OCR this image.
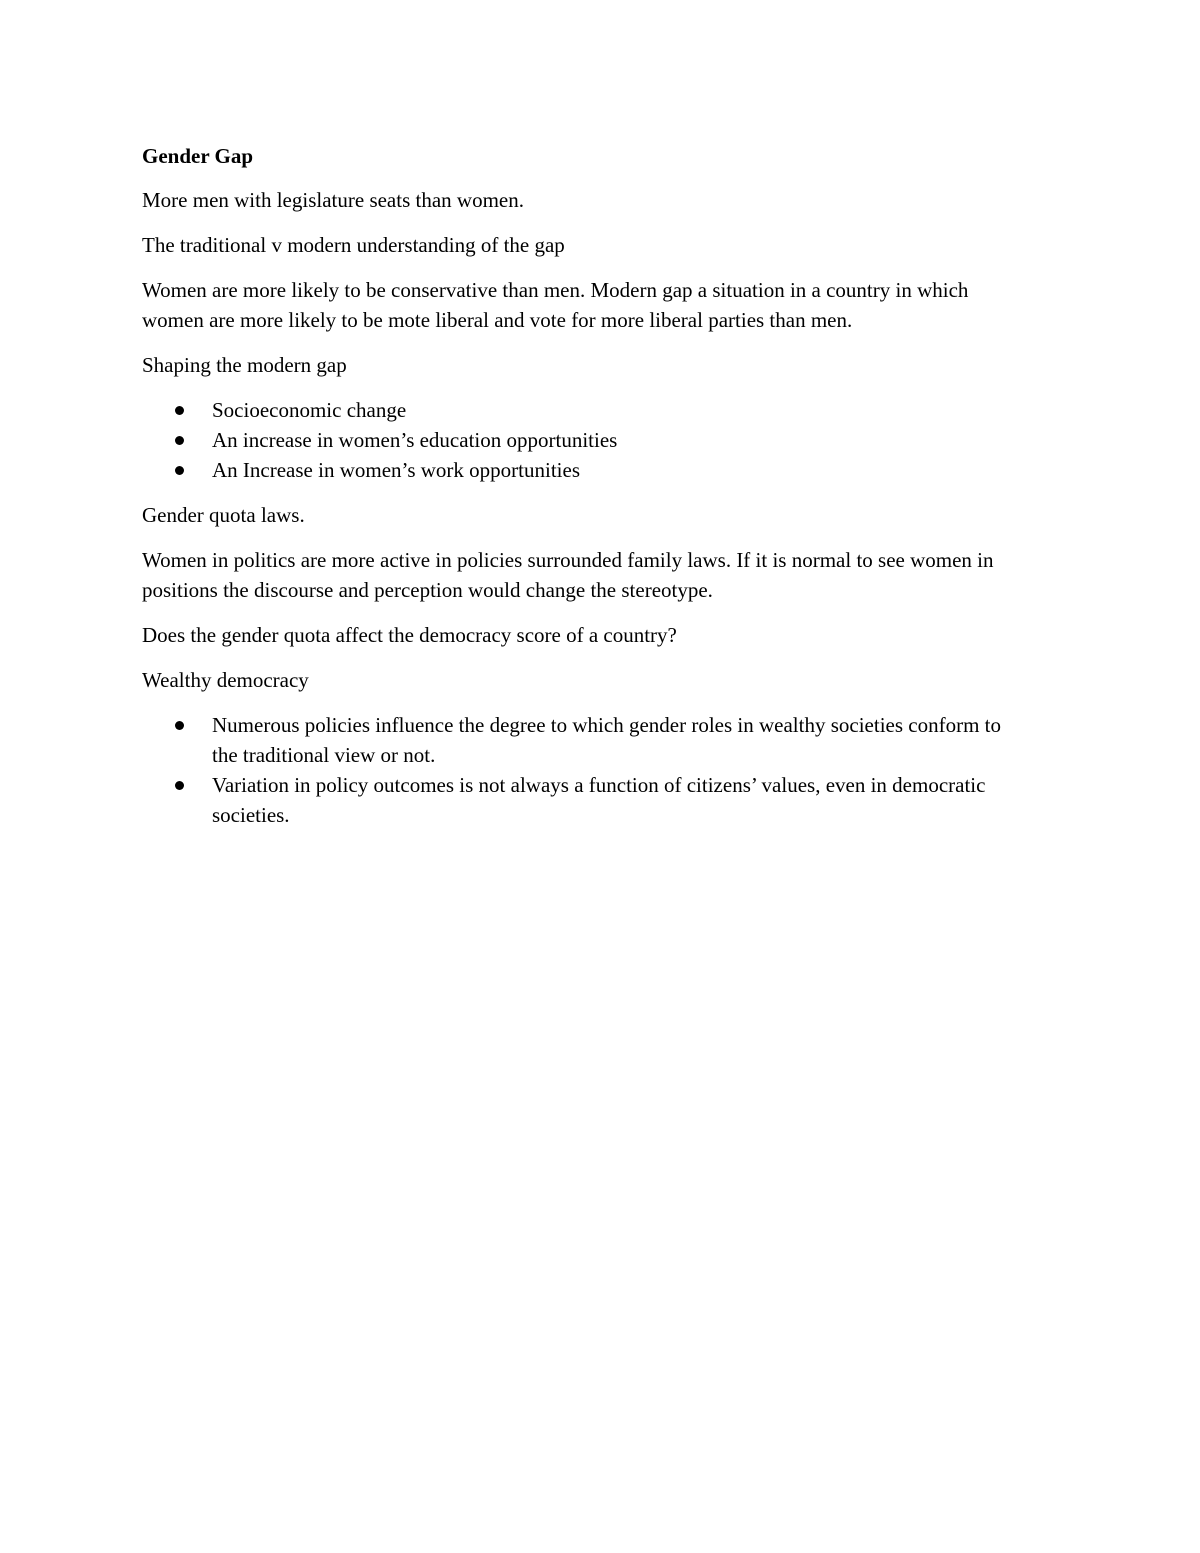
Gender Gap

More men with legislature seats than women.

The traditional v modern understanding of the gap

Women are more likely to be conservative than men. Modern gap a situation in a country in which women are more likely to be mote liberal and vote for more liberal parties than men.

Shaping the modern gap

Socioeconomic change
An increase in women’s education opportunities
An Increase in women’s work opportunities

Gender quota laws.

Women in politics are more active in policies surrounded family laws. If it is normal to see women in positions the discourse and perception would change the stereotype.

Does the gender quota affect the democracy score of a country?

Wealthy democracy

Numerous policies influence the degree to which gender roles in wealthy societies conform to the traditional view or not.
Variation in policy outcomes is not always a function of citizens’ values, even in democratic societies.
